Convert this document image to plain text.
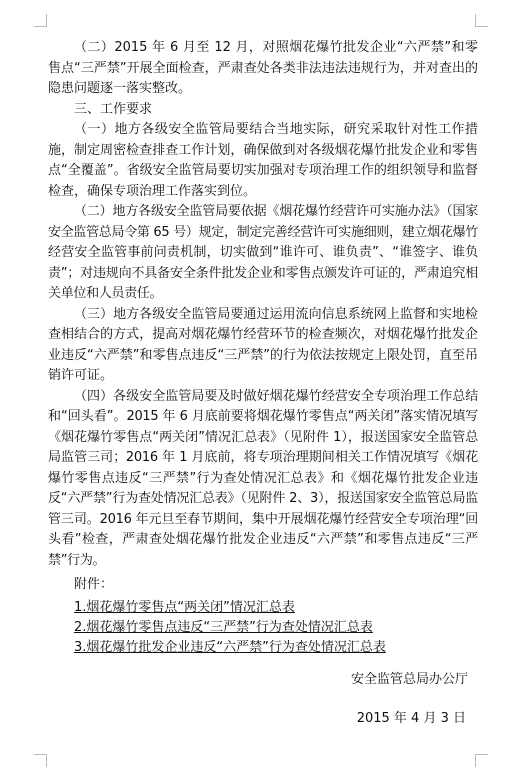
（二）2015 年 6 月至 12 月，对照烟花爆竹批发企业“六严禁”和零售点“三严禁”开展全面检查，严肃查处各类非法违法违规行为，并对查出的隐患问题逐一落实整改。

三、工作要求

（一）地方各级安全监管局要结合当地实际，研究采取针对性工作措施，制定周密检查排查工作计划，确保做到对各级烟花爆竹批发企业和零售点“全覆盖”。省级安全监管局要切实加强对专项治理工作的组织领导和监督检查，确保专项治理工作落实到位。

（二）地方各级安全监管局要依据《烟花爆竹经营许可实施办法》（国家安全监管总局令第 65 号）规定，制定完善经营许可实施细则，建立烟花爆竹经营安全监管事前问责机制，切实做到“谁许可、谁负责”、“谁签字、谁负责”；对违规向不具备安全条件批发企业和零售点颁发许可证的，严肃追究相关单位和人员责任。

（三）地方各级安全监管局要通过运用流向信息系统网上监督和实地检查相结合的方式，提高对烟花爆竹经营环节的检查频次，对烟花爆竹批发企业违反“六严禁”和零售点违反“三严禁”的行为依法按规定上限处罚，直至吊销许可证。

（四）各级安全监管局要及时做好烟花爆竹经营安全专项治理工作总结和“回头看”。2015 年 6 月底前要将烟花爆竹零售点“两关闭”落实情况填写《烟花爆竹零售点“两关闭”情况汇总表》（见附件 1），报送国家安全监管总局监管三司；2016 年 1 月底前，将专项治理期间相关工作情况填写《烟花爆竹零售点违反“三严禁”行为查处情况汇总表》和《烟花爆竹批发企业违反“六严禁”行为查处情况汇总表》（见附件 2、3），报送国家安全监管总局监管三司。2016 年元旦至春节期间，集中开展烟花爆竹经营安全专项治理“回头看”检查，严肃查处烟花爆竹批发企业违反“六严禁”和零售点违反“三严禁”行为。

附件：

1.烟花爆竹零售点“两关闭”情况汇总表
2.烟花爆竹零售点违反“三严禁”行为查处情况汇总表
3.烟花爆竹批发企业违反“六严禁”行为查处情况汇总表
安全监管总局办公厅
2015 年 4 月 3 日
